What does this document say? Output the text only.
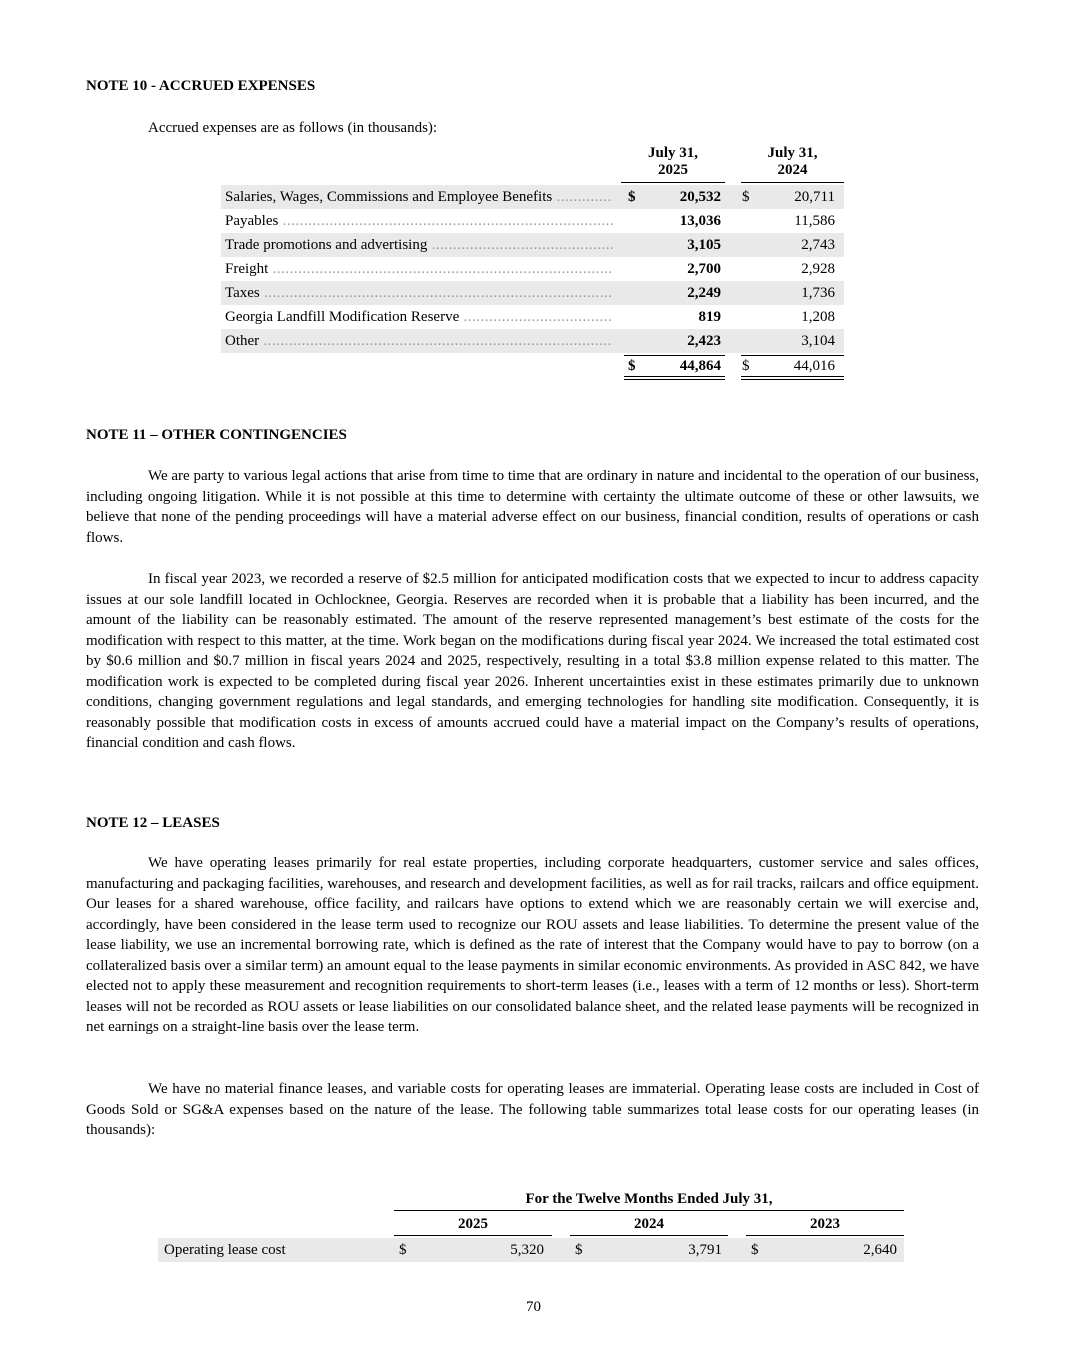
NOTE 10 - ACCRUED EXPENSES
Accrued expenses are as follows (in thousands):
July 31,
2025
July 31,
2024
Salaries, Wages, Commissions and Employee Benefits .....	$	20,532 $	20,711
Payables .....	13,036	11,586
Trade promotions and advertising .....	3,105	2,743
Freight .....	2,700	2,928
Taxes .....	2,249	1,736
Georgia Landfill Modification Reserve .....	819	1,208
Other .....	2,423	3,104
$	44,864 $	44,016
NOTE 11 – OTHER CONTINGENCIES

We are party to various legal actions that arise from time to time that are ordinary in nature and incidental to the operation of our business, including ongoing litigation. While it is not possible at this time to determine with certainty the ultimate outcome of these or other lawsuits, we believe that none of the pending proceedings will have a material adverse effect on our business, financial condition, results of operations or cash flows.

In fiscal year 2023, we recorded a reserve of $2.5 million for anticipated modification costs that we expected to incur to address capacity issues at our sole landfill located in Ochlocknee, Georgia. Reserves are recorded when it is probable that a liability has been incurred, and the amount of the liability can be reasonably estimated. The amount of the reserve represented management’s best estimate of the costs for the modification with respect to this matter, at the time. Work began on the modifications during fiscal year 2024. We increased the total estimated cost by $0.6 million and $0.7 million in fiscal years 2024 and 2025, respectively, resulting in a total $3.8 million expense related to this matter. The modification work is expected to be completed during fiscal year 2026. Inherent uncertainties exist in these estimates primarily due to unknown conditions, changing government regulations and legal standards, and emerging technologies for handling site modification. Consequently, it is reasonably possible that modification costs in excess of amounts accrued could have a material impact on the Company’s results of operations, financial condition and cash flows.

NOTE 12 – LEASES

We have operating leases primarily for real estate properties, including corporate headquarters, customer service and sales offices, manufacturing and packaging facilities, warehouses, and research and development facilities, as well as for rail tracks, railcars and office equipment. Our leases for a shared warehouse, office facility, and railcars have options to extend which we are reasonably certain we will exercise and, accordingly, have been considered in the lease term used to recognize our ROU assets and lease liabilities. To determine the present value of the lease liability, we use an incremental borrowing rate, which is defined as the rate of interest that the Company would have to pay to borrow (on a collateralized basis over a similar term) an amount equal to the lease payments in similar economic environments. As provided in ASC 842, we have elected not to apply these measurement and recognition requirements to short-term leases (i.e., leases with a term of 12 months or less). Short-term leases will not be recorded as ROU assets or lease liabilities on our consolidated balance sheet, and the related lease payments will be recognized in net earnings on a straight-line basis over the lease term.

We have no material finance leases, and variable costs for operating leases are immaterial. Operating lease costs are included in Cost of Goods Sold or SG&A expenses based on the nature of the lease. The following table summarizes total lease costs for our operating leases (in thousands):

For the Twelve Months Ended July 31,
2025	2024	2023
Operating lease cost	$	5,320 $	3,791 $	2,640
70
